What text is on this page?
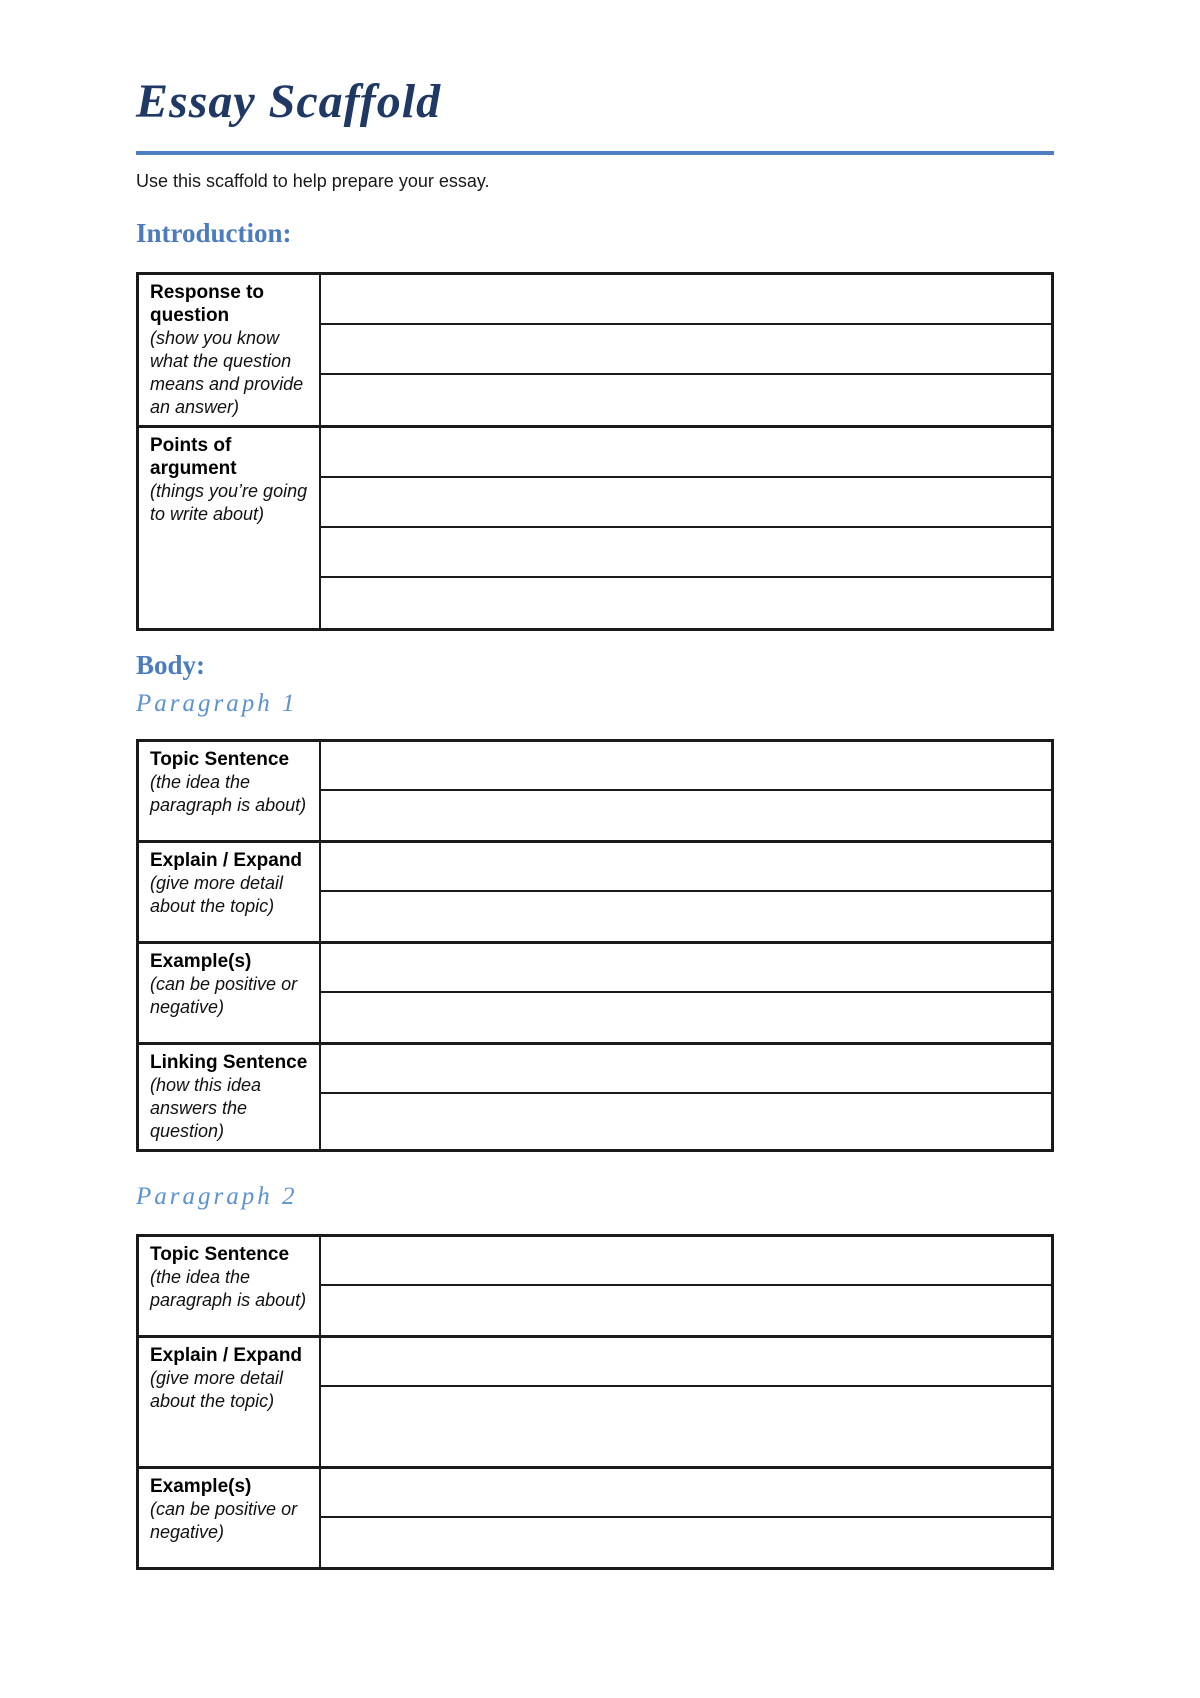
Essay Scaffold

Use this scaffold to help prepare your essay.

Introduction:
Response to question
(show you know what the question means and provide an answer)
Points of argument
(things you’re going to write about)
Body:
Paragraph 1
Topic Sentence
(the idea the paragraph is about)
Explain / Expand
(give more detail about the topic)
Example(s)
(can be positive or negative)
Linking Sentence
(how this idea answers the question)
Paragraph 2
Topic Sentence
(the idea the paragraph is about)
Explain / Expand
(give more detail about the topic)
Example(s)
(can be positive or negative)
